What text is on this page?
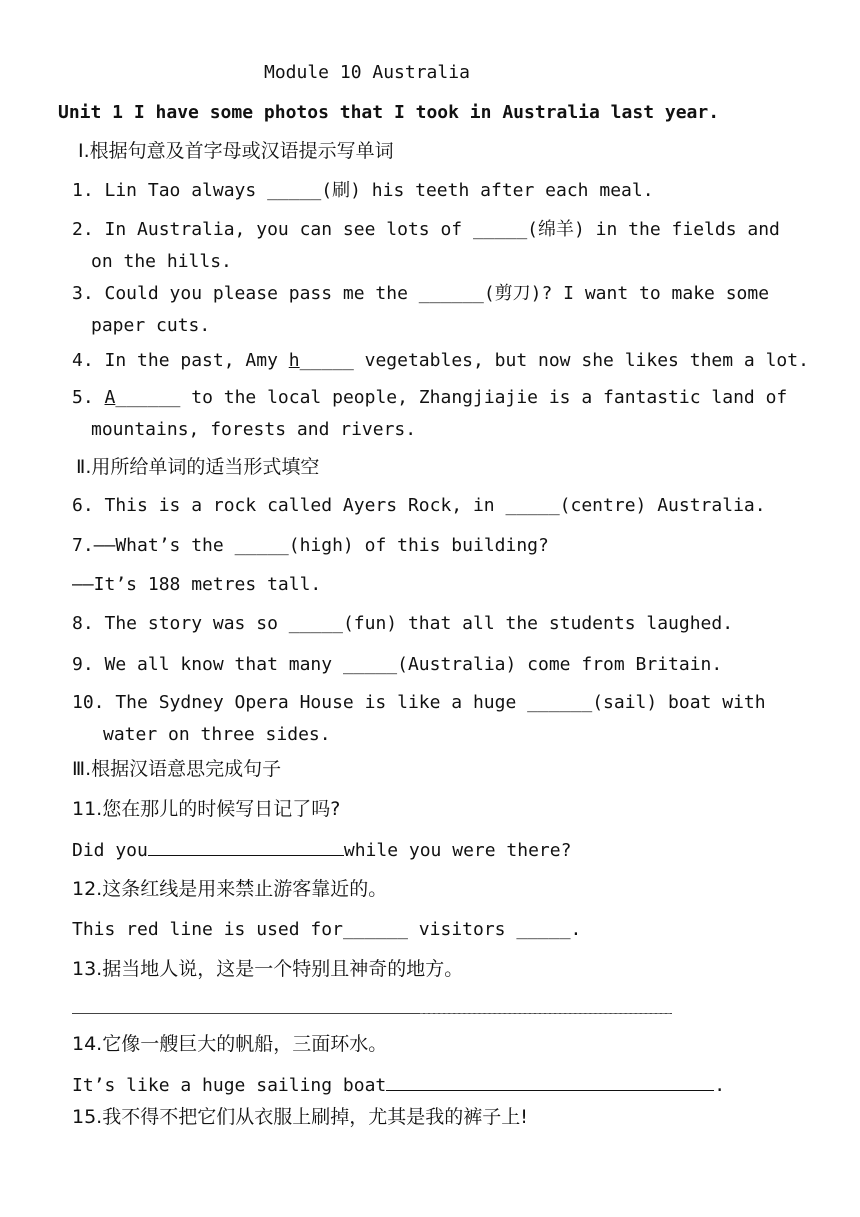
Module 10 Australia
Unit 1 I have some photos that I took in Australia last year.
Ⅰ.根据句意及首字母或汉语提示写单词
1. Lin Tao always _____(刷) his teeth after each meal.
2. In Australia, you can see lots of _____(绵羊) in the fields and
on the hills.
3. Could you please pass me the ______(剪刀)? I want to make some
paper cuts.
4. In the past, Amy h_____ vegetables, but now she likes them a lot.
5. A______ to the local people, Zhangjiajie is a fantastic land of
mountains, forests and rivers.
Ⅱ.用所给单词的适当形式填空
6. This is a rock called Ayers Rock, in _____(centre) Australia.
7.——What’s the _____(high) of this building?
——It’s 188 metres tall.
8. The story was so _____(fun) that all the students laughed.
9. We all know that many _____(Australia) come from Britain.
10. The Sydney Opera House is like a huge ______(sail) boat with
water on three sides.
Ⅲ.根据汉语意思完成句子
11.您在那儿的时候写日记了吗?
Did you	while you were there?
12.这条红线是用来禁止游客靠近的。
This red line is used for______ visitors _____.
13.据当地人说，这是一个特别且神奇的地方。
14.它像一艘巨大的帆船，三面环水。
It’s like a huge sailing boat	.
15.我不得不把它们从衣服上刷掉，尤其是我的裤子上!
